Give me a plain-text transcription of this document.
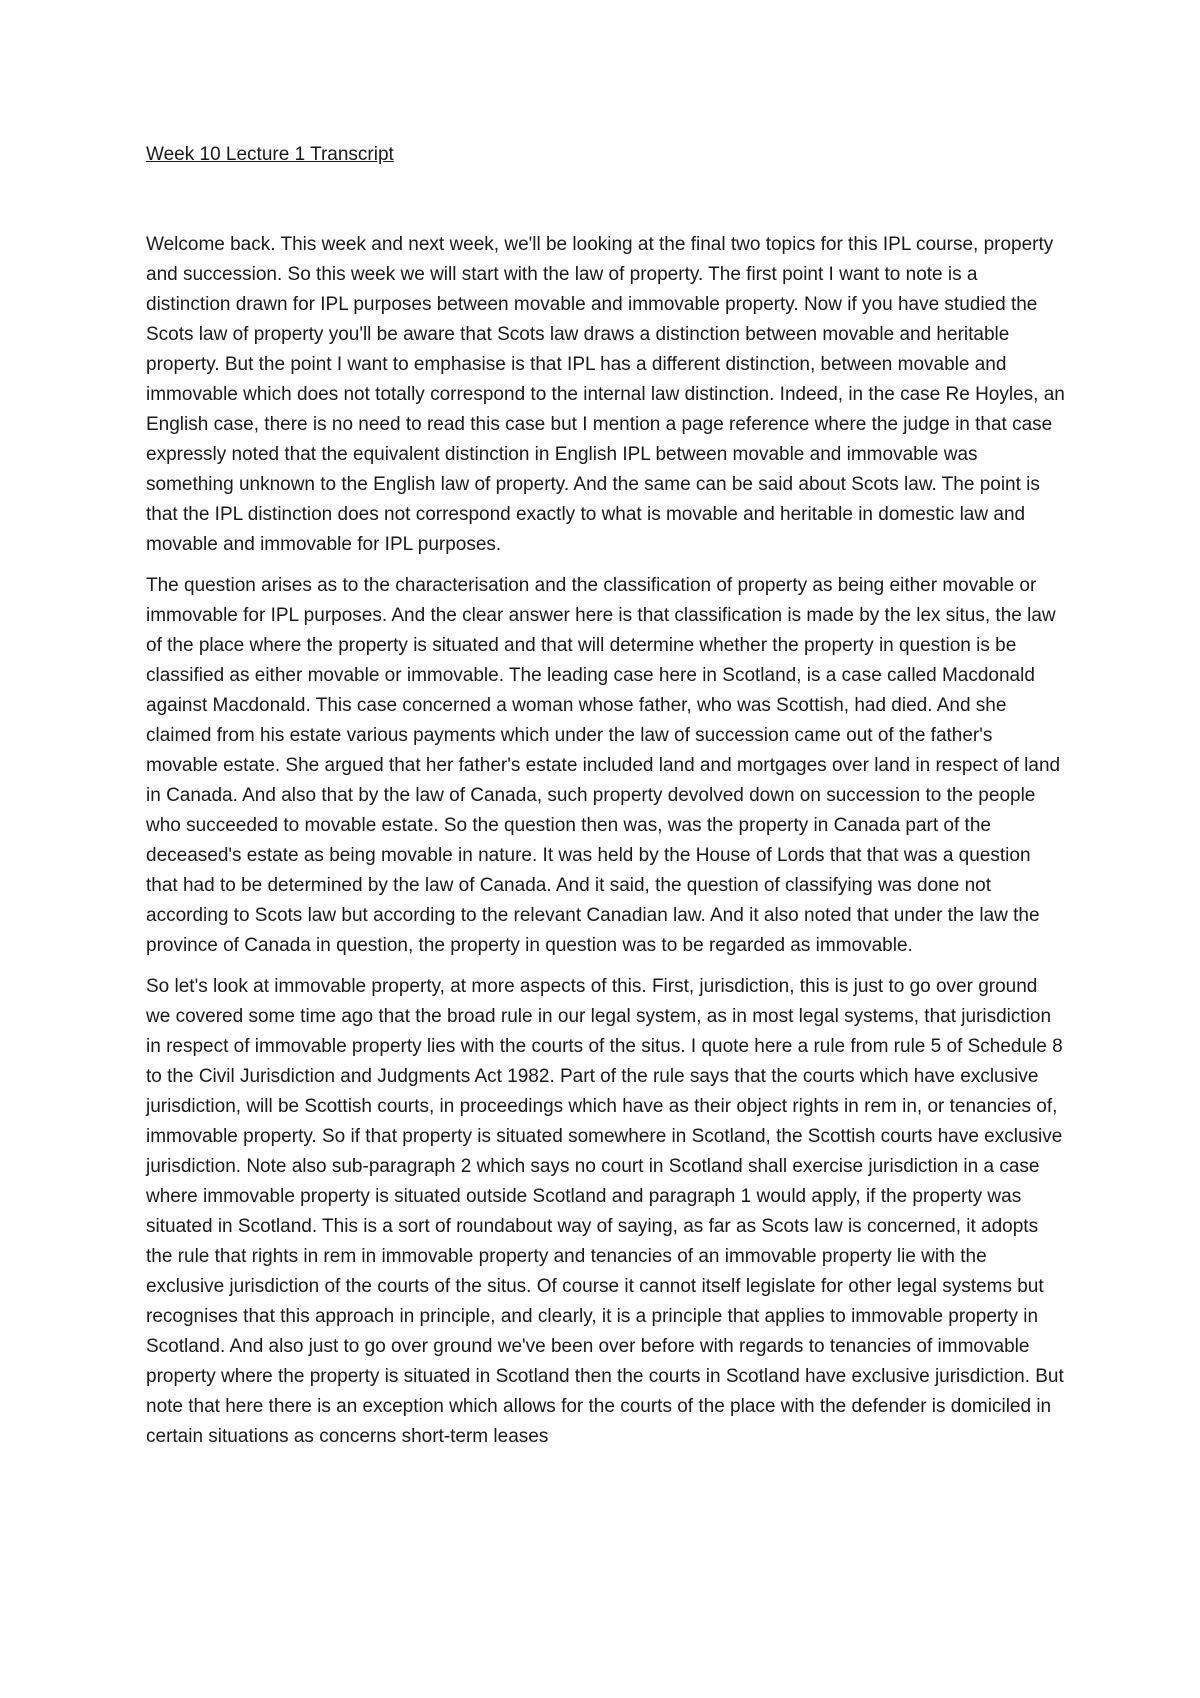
Week 10 Lecture 1 Transcript

Welcome back. This week and next week, we'll be looking at the final two topics for this IPL course, property and succession. So this week we will start with the law of property. The first point I want to note is a distinction drawn for IPL purposes between movable and immovable property. Now if you have studied the Scots law of property you'll be aware that Scots law draws a distinction between movable and heritable property. But the point I want to emphasise is that IPL has a different distinction, between movable and immovable which does not totally correspond to the internal law distinction. Indeed, in the case Re Hoyles, an English case, there is no need to read this case but I mention a page reference where the judge in that case expressly noted that the equivalent distinction in English IPL between movable and immovable was something unknown to the English law of property. And the same can be said about Scots law. The point is that the IPL distinction does not correspond exactly to what is movable and heritable in domestic law and movable and immovable for IPL purposes.

The question arises as to the characterisation and the classification of property as being either movable or immovable for IPL purposes. And the clear answer here is that classification is made by the lex situs, the law of the place where the property is situated and that will determine whether the property in question is be classified as either movable or immovable. The leading case here in Scotland, is a case called Macdonald against Macdonald. This case concerned a woman whose father, who was Scottish, had died. And she claimed from his estate various payments which under the law of succession came out of the father's movable estate. She argued that her father's estate included land and mortgages over land in respect of land in Canada. And also that by the law of Canada, such property devolved down on succession to the people who succeeded to movable estate. So the question then was, was the property in Canada part of the deceased's estate as being movable in nature. It was held by the House of Lords that that was a question that had to be determined by the law of Canada. And it said, the question of classifying was done not according to Scots law but according to the relevant Canadian law. And it also noted that under the law the province of Canada in question, the property in question was to be regarded as immovable.

So let's look at immovable property, at more aspects of this. First, jurisdiction, this is just to go over ground we covered some time ago that the broad rule in our legal system, as in most legal systems, that jurisdiction in respect of immovable property lies with the courts of the situs. I quote here a rule from rule 5 of Schedule 8 to the Civil Jurisdiction and Judgments Act 1982. Part of the rule says that the courts which have exclusive jurisdiction, will be Scottish courts, in proceedings which have as their object rights in rem in, or tenancies of, immovable property. So if that property is situated somewhere in Scotland, the Scottish courts have exclusive jurisdiction. Note also sub-paragraph 2 which says no court in Scotland shall exercise jurisdiction in a case where immovable property is situated outside Scotland and paragraph 1 would apply, if the property was situated in Scotland. This is a sort of roundabout way of saying, as far as Scots law is concerned, it adopts the rule that rights in rem in immovable property and tenancies of an immovable property lie with the exclusive jurisdiction of the courts of the situs. Of course it cannot itself legislate for other legal systems but recognises that this approach in principle, and clearly, it is a principle that applies to immovable property in Scotland. And also just to go over ground we've been over before with regards to tenancies of immovable property where the property is situated in Scotland then the courts in Scotland have exclusive jurisdiction. But note that here there is an exception which allows for the courts of the place with the defender is domiciled in certain situations as concerns short-term leases
